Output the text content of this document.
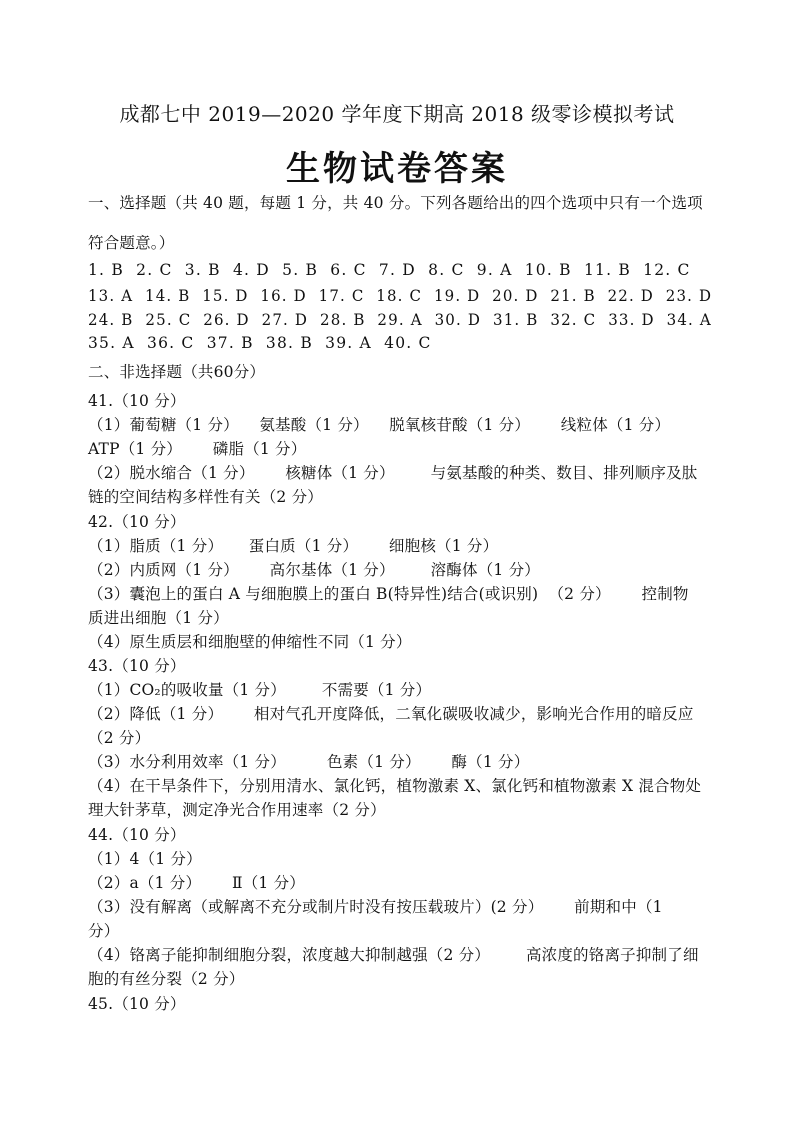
成都七中 2019—2020 学年度下期高 2018 级零诊模拟考试
生物试卷答案
一、选择题（共 40 题，每题 1 分，共 40 分。下列各题给出的四个选项中只有一个选项
符合题意。）
1. B  2. C  3. B  4. D  5. B  6. C  7. D  8. C  9. A  10. B  11. B  12. C
13. A  14. B  15. D  16. D  17. C  18. C  19. D  20. D  21. B  22. D  23. D
24. B  25. C  26. D  27. D  28. B  29. A  30. D  31. B  32. C  33. D  34. A
35. A  36. C  37. B  38. B  39. A  40. C
二、非选择题（共60分）
41.（10 分）
（1）葡萄糖（1 分）    氨基酸（1 分）    脱氧核苷酸（1 分）      线粒体（1 分）
ATP（1 分）      磷脂（1 分）
（2）脱水缩合（1 分）      核糖体（1 分）       与氨基酸的种类、数目、排列顺序及肽
链的空间结构多样性有关（2 分）
42.（10 分）
（1）脂质（1 分）     蛋白质（1 分）      细胞核（1 分）
（2）内质网（1 分）      高尔基体（1 分）       溶酶体（1 分）
（3）囊泡上的蛋白 A 与细胞膜上的蛋白 B(特异性)结合(或识别)  （2 分）      控制物
质进出细胞（1 分）
（4）原生质层和细胞壁的伸缩性不同（1 分）
43.（10 分）
（1）CO₂的吸收量（1 分）       不需要（1 分）
（2）降低（1 分）      相对气孔开度降低，二氧化碳吸收减少，影响光合作用的暗反应
（2 分）
（3）水分利用效率（1 分）        色素（1 分）      酶（1 分）
（4）在干旱条件下，分别用清水、氯化钙，植物激素 X、氯化钙和植物激素 X 混合物处
理大针茅草，测定净光合作用速率（2 分）
44.（10 分）
（1）4（1 分）
（2）a（1 分）      Ⅱ（1 分）
（3）没有解离（或解离不充分或制片时没有按压载玻片）(2 分）      前期和中（1
分）
（4）铬离子能抑制细胞分裂，浓度越大抑制越强（2 分）       高浓度的铬离子抑制了细
胞的有丝分裂（2 分）
45.（10 分）
